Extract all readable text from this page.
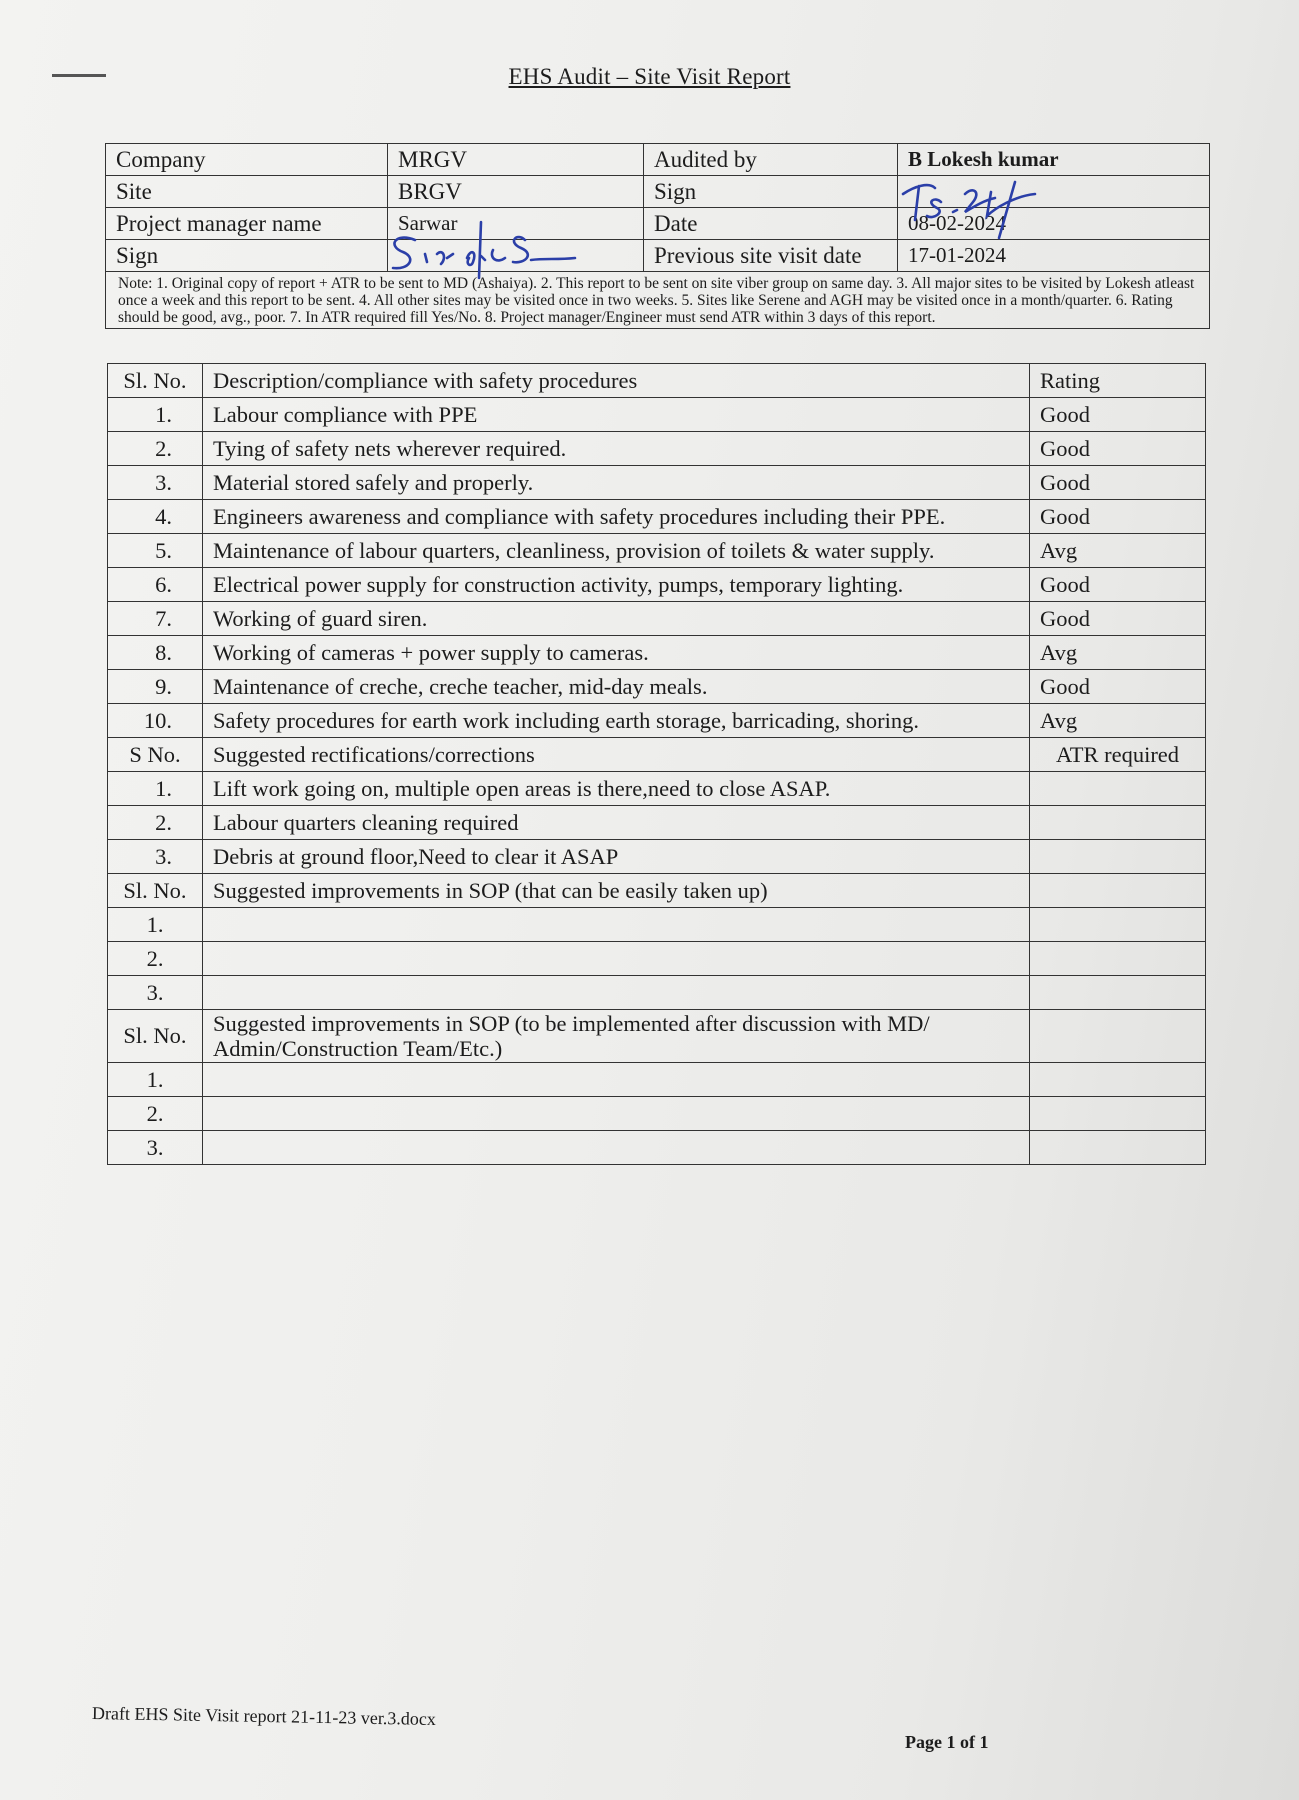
EHS Audit – Site Visit Report
Company	MRGV	Audited by	B Lokesh kumar
Site	BRGV	Sign	
Project manager name	Sarwar	Date	08-02-2024
Sign		Previous site visit date	17-01-2024
Note: 1. Original copy of report + ATR to be sent to MD (Ashaiya). 2. This report to be sent on site viber group on same day. 3. All major sites to be visited by Lokesh atleast once a week and this report to be sent. 4. All other sites may be visited once in two weeks. 5. Sites like Serene and AGH may be visited once in a month/quarter. 6. Rating should be good, avg., poor. 7. In ATR required fill Yes/No. 8. Project manager/Engineer must send ATR within 3 days of this report.			
Sl. No.	Description/compliance with safety procedures	Rating
1.	Labour compliance with PPE	Good
2.	Tying of safety nets wherever required.	Good
3.	Material stored safely and properly.	Good
4.	Engineers awareness and compliance with safety procedures including their PPE.	Good
5.	Maintenance of labour quarters, cleanliness, provision of toilets & water supply.	Avg
6.	Electrical power supply for construction activity, pumps, temporary lighting.	Good
7.	Working of guard siren.	Good
8.	Working of cameras + power supply to cameras.	Avg
9.	Maintenance of creche, creche teacher, mid-day meals.	Good
10.	Safety procedures for earth work including earth storage, barricading, shoring.	Avg
S No.	Suggested rectifications/corrections	ATR required
1.	Lift work going on, multiple open areas is there,need to close ASAP.	
2.	Labour quarters cleaning required	
3.	Debris at ground floor,Need to clear it ASAP	
Sl. No.	Suggested improvements in SOP (that can be easily taken up)	
1.		
2.		
3.		
Sl. No.	Suggested improvements in SOP (to be implemented after discussion with MD/ Admin/Construction Team/Etc.)	
1.		
2.		
3.		
Draft EHS Site Visit report 21-11-23 ver.3.docx
Page 1 of 1
